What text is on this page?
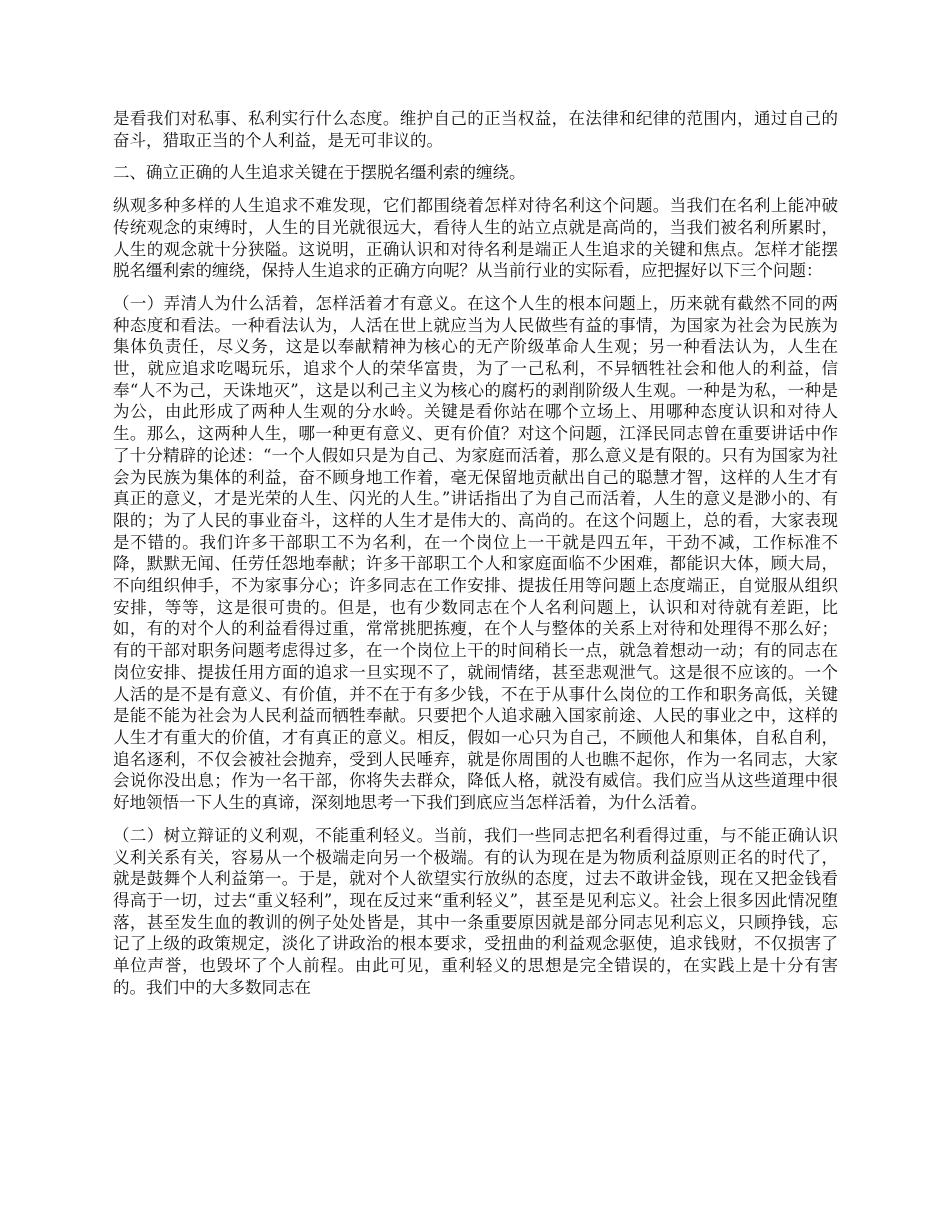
是看我们对私事、私利实行什么态度。维护自己的正当权益，在法律和纪律的范围内，通过自己的奋斗，猎取正当的个人利益，是无可非议的。

二、确立正确的人生追求关键在于摆脱名缰利索的缠绕。

纵观多种多样的人生追求不难发现，它们都围绕着怎样对待名利这个问题。当我们在名利上能冲破传统观念的束缚时，人生的目光就很远大，看待人生的站立点就是高尚的，当我们被名利所累时，人生的观念就十分狭隘。这说明，正确认识和对待名利是端正人生追求的关键和焦点。怎样才能摆脱名缰利索的缠绕，保持人生追求的正确方向呢？从当前行业的实际看，应把握好以下三个问题：

（一）弄清人为什么活着，怎样活着才有意义。在这个人生的根本问题上，历来就有截然不同的两种态度和看法。一种看法认为，人活在世上就应当为人民做些有益的事情，为国家为社会为民族为集体负责任，尽义务，这是以奉献精神为核心的无产阶级革命人生观；另一种看法认为，人生在世，就应追求吃喝玩乐，追求个人的荣华富贵，为了一己私利，不异牺牲社会和他人的利益，信奉“人不为己，天诛地灭”，这是以利己主义为核心的腐朽的剥削阶级人生观。一种是为私，一种是为公，由此形成了两种人生观的分水岭。关键是看你站在哪个立场上、用哪种态度认识和对待人生。那么，这两种人生，哪一种更有意义、更有价值？对这个问题，江泽民同志曾在重要讲话中作了十分精辟的论述：“一个人假如只是为自己、为家庭而活着，那么意义是有限的。只有为国家为社会为民族为集体的利益，奋不顾身地工作着，毫无保留地贡献出自己的聪慧才智，这样的人生才有真正的意义，才是光荣的人生、闪光的人生。”讲话指出了为自己而活着，人生的意义是渺小的、有限的；为了人民的事业奋斗，这样的人生才是伟大的、高尚的。在这个问题上，总的看，大家表现是不错的。我们许多干部职工不为名利，在一个岗位上一干就是四五年，干劲不减，工作标准不降，默默无闻、任劳任怨地奉献；许多干部职工个人和家庭面临不少困难，都能识大体，顾大局，不向组织伸手，不为家事分心；许多同志在工作安排、提拔任用等问题上态度端正，自觉服从组织安排，等等，这是很可贵的。但是，也有少数同志在个人名利问题上，认识和对待就有差距，比如，有的对个人的利益看得过重，常常挑肥拣瘦，在个人与整体的关系上对待和处理得不那么好；有的干部对职务问题考虑得过多，在一个岗位上干的时间稍长一点，就急着想动一动；有的同志在岗位安排、提拔任用方面的追求一旦实现不了，就闹情绪，甚至悲观泄气。这是很不应该的。一个人活的是不是有意义、有价值，并不在于有多少钱，不在于从事什么岗位的工作和职务高低，关键是能不能为社会为人民利益而牺牲奉献。只要把个人追求融入国家前途、人民的事业之中，这样的人生才有重大的价值，才有真正的意义。相反，假如一心只为自己，不顾他人和集体，自私自利，追名逐利，不仅会被社会抛弃，受到人民唾弃，就是你周围的人也瞧不起你，作为一名同志，大家会说你没出息；作为一名干部，你将失去群众，降低人格，就没有威信。我们应当从这些道理中很好地领悟一下人生的真谛，深刻地思考一下我们到底应当怎样活着，为什么活着。

（二）树立辩证的义利观，不能重利轻义。当前，我们一些同志把名利看得过重，与不能正确认识义利关系有关，容易从一个极端走向另一个极端。有的认为现在是为物质利益原则正名的时代了，就是鼓舞个人利益第一。于是，就对个人欲望实行放纵的态度，过去不敢讲金钱，现在又把金钱看得高于一切，过去“重义轻利”，现在反过来“重利轻义”，甚至是见利忘义。社会上很多因此情况堕落，甚至发生血的教训的例子处处皆是，其中一条重要原因就是部分同志见利忘义，只顾挣钱，忘记了上级的政策规定，淡化了讲政治的根本要求，受扭曲的利益观念驱使，追求钱财，不仅损害了单位声誉，也毁坏了个人前程。由此可见，重利轻义的思想是完全错误的，在实践上是十分有害的。我们中的大多数同志在
